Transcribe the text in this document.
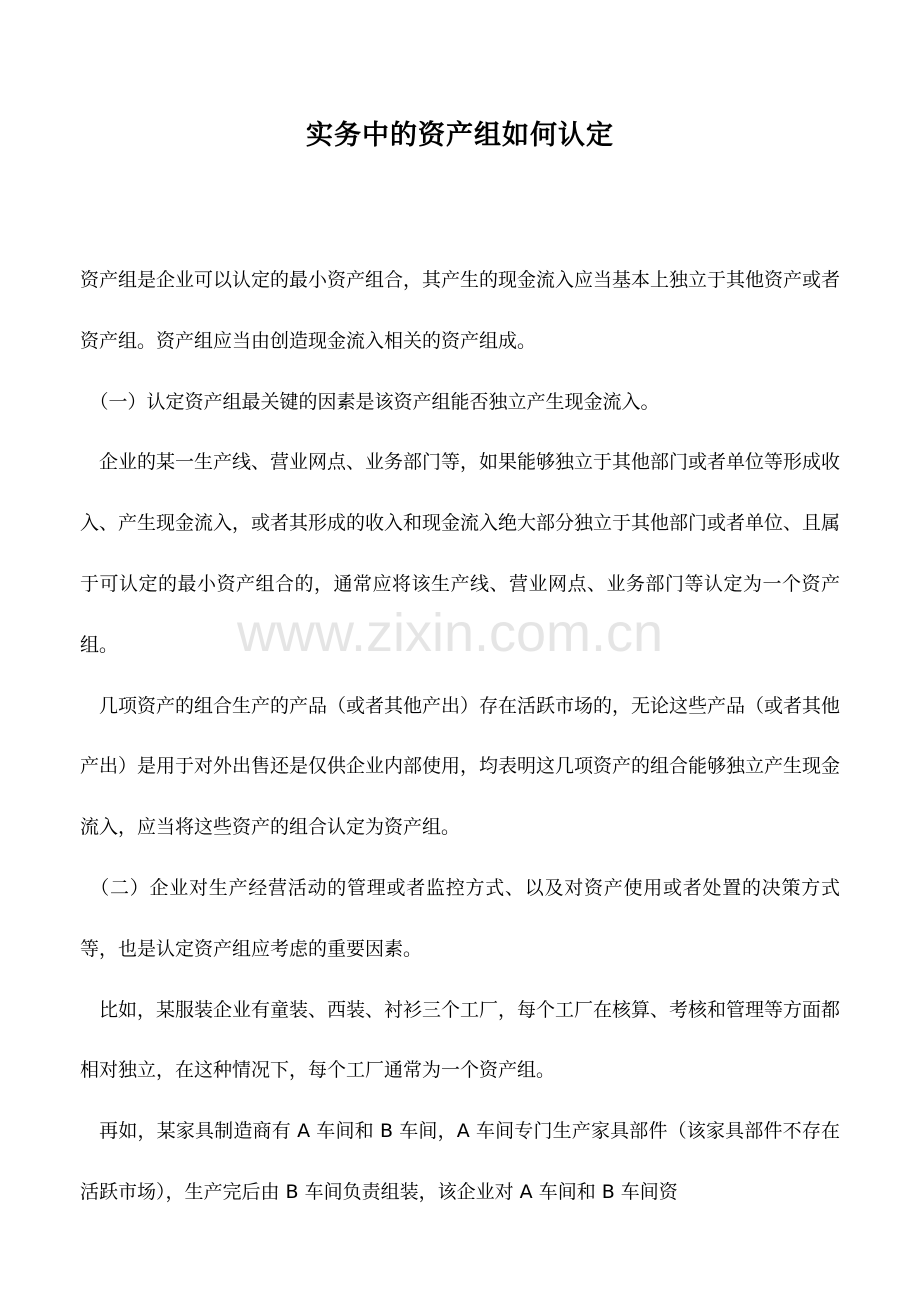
实务中的资产组如何认定

资产组是企业可以认定的最小资产组合，其产生的现金流入应当基本上独立于其他资产或者资产组。资产组应当由创造现金流入相关的资产组成。

　（一）认定资产组最关键的因素是该资产组能否独立产生现金流入。

　企业的某一生产线、营业网点、业务部门等，如果能够独立于其他部门或者单位等形成收入、产生现金流入，或者其形成的收入和现金流入绝大部分独立于其他部门或者单位、且属于可认定的最小资产组合的，通常应将该生产线、营业网点、业务部门等认定为一个资产组。

　几项资产的组合生产的产品（或者其他产出）存在活跃市场的，无论这些产品（或者其他产出）是用于对外出售还是仅供企业内部使用，均表明这几项资产的组合能够独立产生现金流入，应当将这些资产的组合认定为资产组。

　（二）企业对生产经营活动的管理或者监控方式、以及对资产使用或者处置的决策方式等，也是认定资产组应考虑的重要因素。

　比如，某服装企业有童装、西装、衬衫三个工厂，每个工厂在核算、考核和管理等方面都相对独立，在这种情况下，每个工厂通常为一个资产组。

　再如，某家具制造商有 A 车间和 B 车间，A 车间专门生产家具部件（该家具部件不存在活跃市场），生产完后由 B 车间负责组装，该企业对 A 车间和 B 车间资

www.zixin.com.cn
